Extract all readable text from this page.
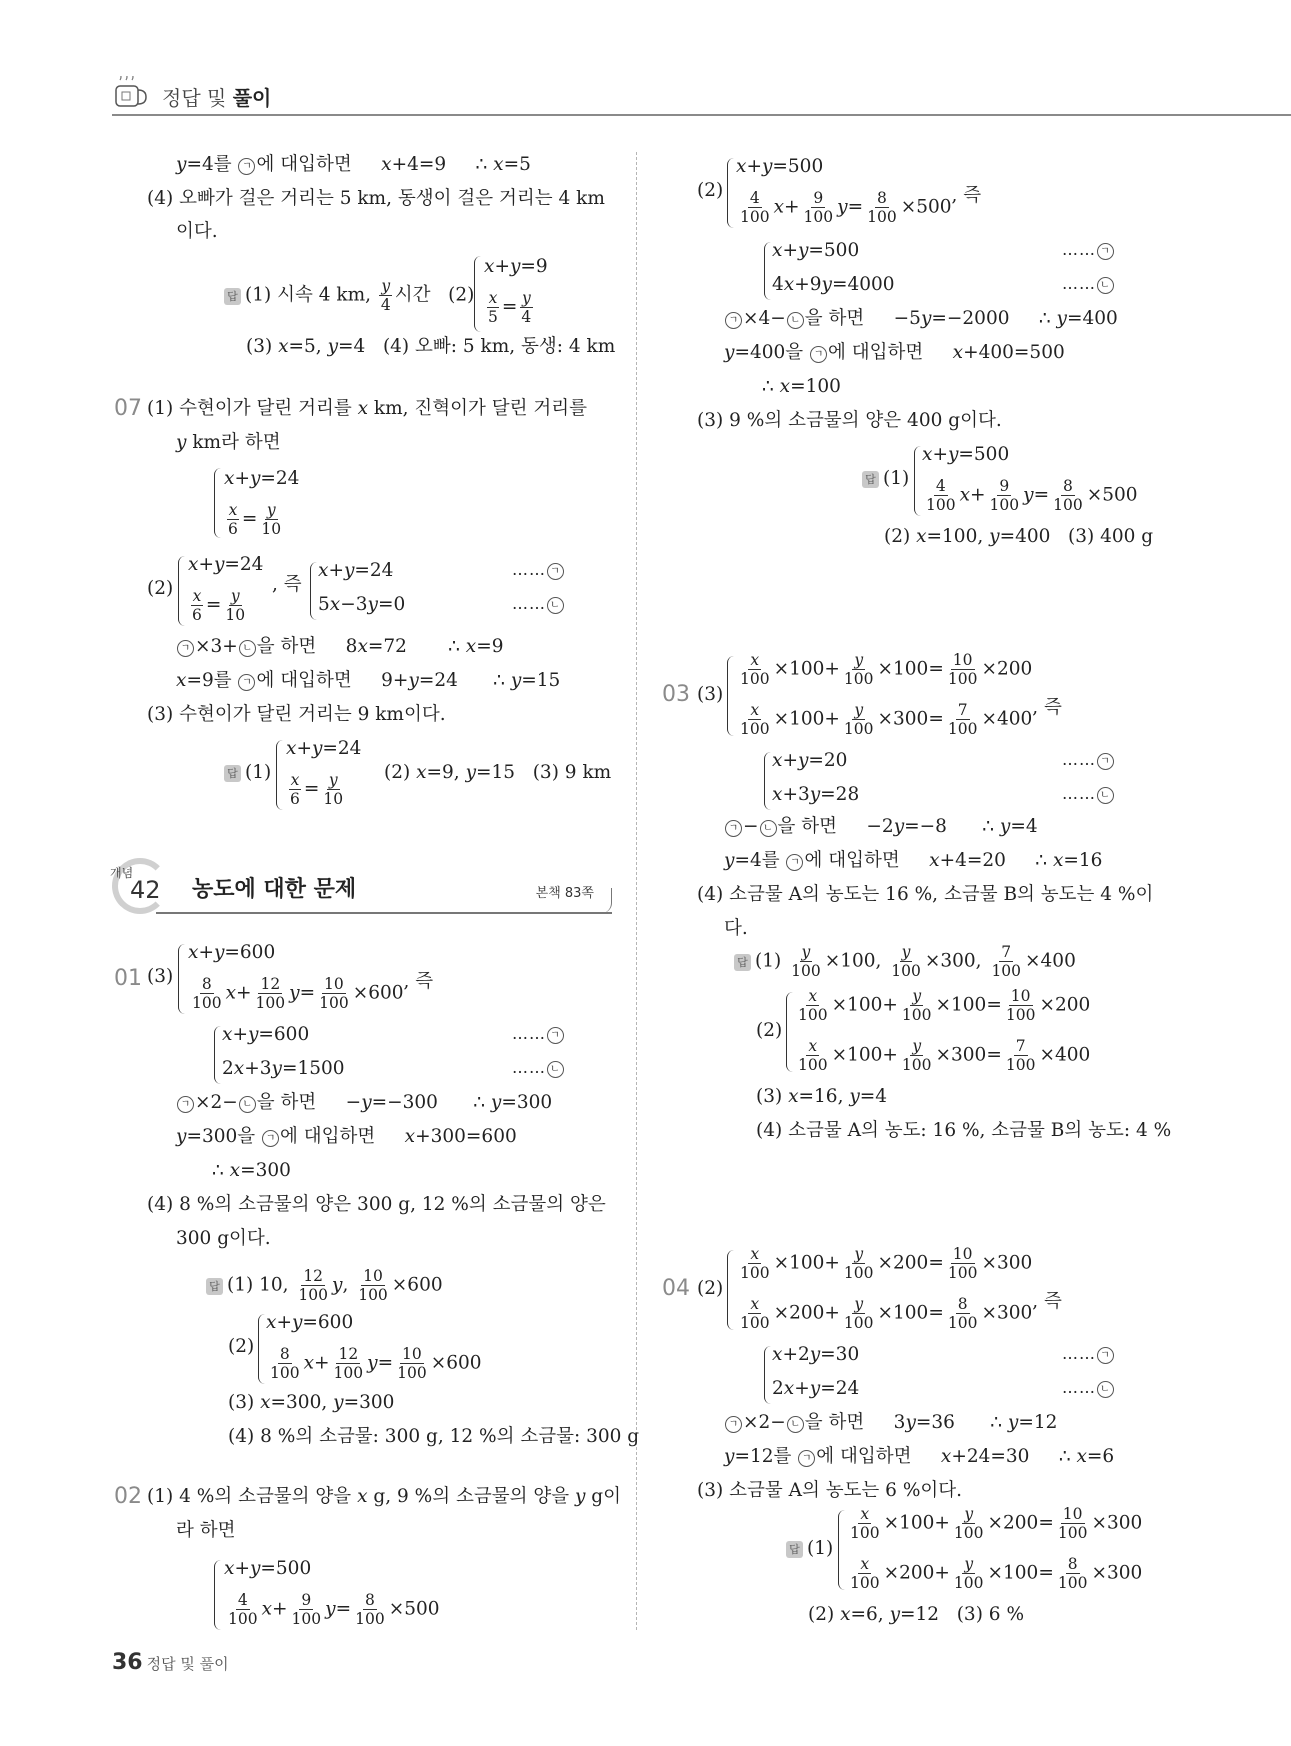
정답 및 풀이
y=4를 ㄱ 에 대입하면     x+4=9     ∴ x=5
(4) 오빠가 걸은 거리는 5 km, 동생이 걸은 거리는 4 km
이다.
답 (1) 시속 4 km, $\frac{y}{4}$ 시간   (2)
x+y=9
$\frac{x}{5} = \frac{y}{4}$
(3) x=5, y=4   (4) 오빠: 5 km, 동생: 4 km
07 (1) 수현이가 달린 거리를 x km, 진혁이가 달린 거리를
y km라 하면
x+y=24
$\frac{x}{6} = \frac{y}{10}$
(2)
x+y=24
$\frac{x}{6} = \frac{y}{10}$
, 즉
x+y=24
5x−3y=0
…… ㄱ
…… ㄴ
ㄱ ×3+ ㄴ 을 하면     8x=72       ∴ x=9
x=9를 ㄱ 에 대입하면     9+y=24      ∴ y=15
(3) 수현이가 달린 거리는 9 km이다.
답 (1)
x+y=24
$\frac{x}{6} = \frac{y}{10} (2)$ x=9, y=15   (3) 9 km
개념
42 농도에 대한 문제	본책 83쪽
01 (3)
x+y=600
$\frac{8}{100} x+ \frac{12}{100} y= \frac{10}{100} \times 600$, 즉
x+y=600
2x+3y=1500
…… ㄱ
…… ㄴ
ㄱ ×2− ㄴ 을 하면     −y=−300      ∴ y=300
y=300을 ㄱ 에 대입하면     x+300=600
∴ x=300
(4) 8 %의 소금물의 양은 300 g, 12 %의 소금물의 양은
300 g이다.
답 (1) 10, $\frac{12}{100} y$, $\frac{10}{100} \times 600$
(2)
x+y=600
$\frac{8}{100} x+ \frac{12}{100} y= \frac{10}{100} \times 600$
(3) x=300, y=300
(4) 8 %의 소금물: 300 g, 12 %의 소금물: 300 g
02 (1) 4 %의 소금물의 양을 x g, 9 %의 소금물의 양을 y g이
라 하면
x+y=500
$\frac{4}{100} x+ \frac{9}{100} y= \frac{8}{100} \times 500$
(2)
x+y=500
$\frac{4}{100} x+ \frac{9}{100} y= \frac{8}{100} \times 500$, 즉
x+y=500
4x+9y=4000
…… ㄱ
…… ㄴ
ㄱ ×4− ㄴ 을 하면     −5y=−2000     ∴ y=400
y=400을 ㄱ 에 대입하면     x+400=500
∴ x=100
(3) 9 %의 소금물의 양은 400 g이다.
답 (1)
x+y=500
$\frac{4}{100} x+ \frac{9}{100} y= \frac{8}{100} \times 500$
(2) x=100, y=400   (3) 400 g
03 (3)
$\frac{x}{100} \times 100+ \frac{y}{100} \times 100= \frac{10}{100} \times 200$
$\frac{x}{100} \times 100+ \frac{y}{100} \times 300= \frac{7}{100} \times 400$, 즉
x+y=20
x+3y=28
…… ㄱ
…… ㄴ
ㄱ − ㄴ 을 하면     −2y=−8      ∴ y=4
y=4를 ㄱ 에 대입하면     x+4=20     ∴ x=16
(4) 소금물 A의 농도는 16 %, 소금물 B의 농도는 4 %이
다.
답 $(1) \frac{y}{100} \times 100$, $\frac{y}{100} \times 300$, $\frac{7}{100} \times 400$
(2)
$\frac{x}{100} \times 100+ \frac{y}{100} \times 100= \frac{10}{100} \times 200$
$\frac{x}{100} \times 100+ \frac{y}{100} \times 300= \frac{7}{100} \times 400$
(3) x=16, y=4
(4) 소금물 A의 농도: 16 %, 소금물 B의 농도: 4 %
04 (2)
$\frac{x}{100} \times 100+ \frac{y}{100} \times 200= \frac{10}{100} \times 300$
$\frac{x}{100} \times 200+ \frac{y}{100} \times 100= \frac{8}{100} \times 300$, 즉
x+2y=30
2x+y=24
…… ㄱ
…… ㄴ
ㄱ ×2− ㄴ 을 하면     3y=36      ∴ y=12
y=12를 ㄱ 에 대입하면     x+24=30     ∴ x=6
(3) 소금물 A의 농도는 6 %이다.
답 (1)
$\frac{x}{100} \times 100+ \frac{y}{100} \times 200= \frac{10}{100} \times 300$
$\frac{x}{100} \times 200+ \frac{y}{100} \times 100= \frac{8}{100} \times 300$
(2) x=6, y=12   (3) 6 %
36 정답 및 풀이
